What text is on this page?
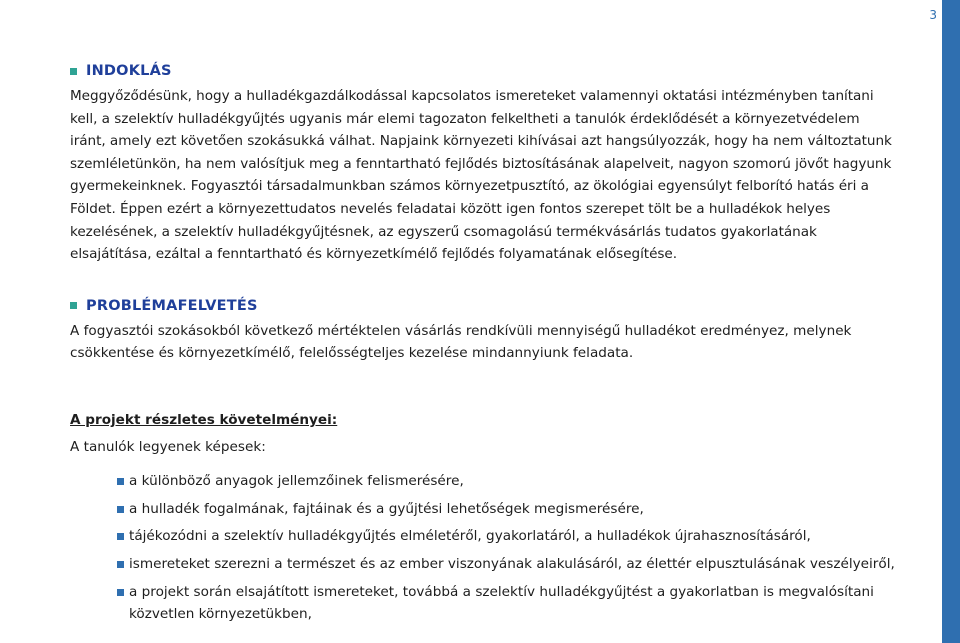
3
INDOKLÁS

Meggyőződésünk, hogy a hulladékgazdálkodással kapcsolatos ismereteket valamennyi oktatási intézményben tanítani kell, a szelektív hulladékgyűjtés ugyanis már elemi tagozaton felkeltheti a tanulók érdeklődését a környezetvédelem iránt, amely ezt követően szokásukká válhat. Napjaink környezeti kihívásai azt hangsúlyozzák, hogy ha nem változtatunk szemléletünkön, ha nem valósítjuk meg a fenntartható fejlődés biztosításának alapelveit, nagyon szomorú jövőt hagyunk gyermekeinknek. Fogyasztói társadalmunkban számos környezetpusztító, az ökológiai egyensúlyt felborító hatás éri a Földet. Éppen ezért a környezettudatos nevelés feladatai között igen fontos szerepet tölt be a hulladékok helyes kezelésének, a szelektív hulladékgyűjtésnek, az egyszerű csomagolású termékvásárlás tudatos gyakorlatának elsajátítása, ezáltal a fenntartható és környezetkímélő fejlődés folyamatának elősegítése.

PROBLÉMAFELVETÉS

A fogyasztói szokásokból következő mértéktelen vásárlás rendkívüli mennyiségű hulladékot eredményez, melynek csökkentése és környezetkímélő, felelősségteljes kezelése mindannyiunk feladata.

A projekt részletes követelményei:
A tanulók legyenek képesek:
a különböző anyagok jellemzőinek felismerésére,
a hulladék fogalmának, fajtáinak és a gyűjtési lehetőségek megismerésére,
tájékozódni a szelektív hulladékgyűjtés elméletéről, gyakorlatáról, a hulladékok újrahasznosításáról,
ismereteket szerezni a természet és az ember viszonyának alakulásáról, az élettér elpusztulásának veszélyeiről,
a projekt során elsajátított ismereteket, továbbá a szelektív hulladékgyűjtést a gyakorlatban is megvalósítani közvetlen környezetükben,
